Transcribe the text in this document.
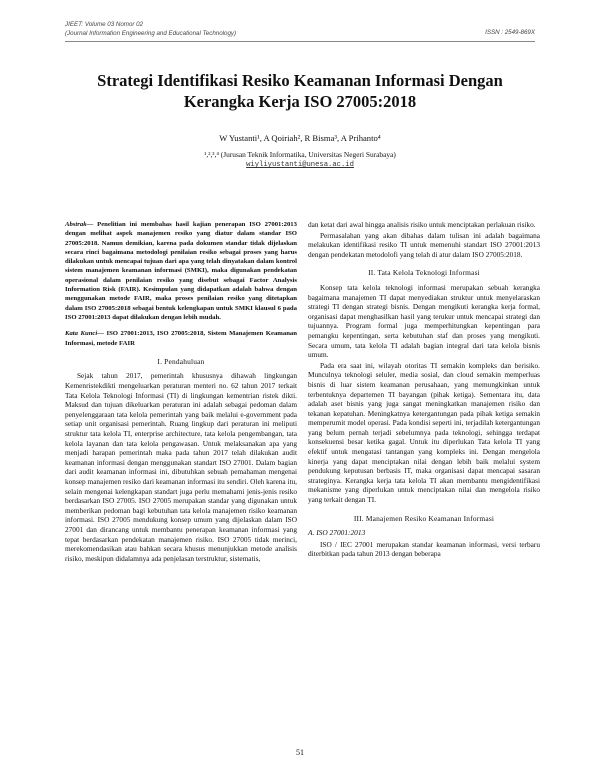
JIEET: Volume 03 Nomor 02
(Journal Information Engineering and Educational Technology)	ISSN : 2549-869X
Strategi Identifikasi Resiko Keamanan Informasi Dengan
Kerangka Kerja ISO 27005:2018
W Yustanti¹, A Qoiriah², R Bisma³, A Prihanto⁴
¹,²,³,⁴ (Jurusan Teknik Informatika, Universitas Negeri Surabaya)
wiyliyustanti@unesa.ac.id

Abstrak— Penelitian ini membahas hasil kajian penerapan ISO 27001:2013 dengan melihat aspek manajemen resiko yang diatur dalam standar ISO 27005:2018. Namun demikian, karena pada dokumen standar tidak dijelaskan secara rinci bagaimana metodologi penilaian resiko sebagai proses yang harus dilakukan untuk mencapai tujuan dari apa yang telah dinyatakan dalam kontrol sistem manajemen keamanan informasi (SMKI), maka digunakan pendekatan operasional dalam penilaian resiko yang disebut sebagai Factor Analysis Information Risk (FAIR). Kesimpulan yang didapatkan adalah bahwa dengan menggunakan metode FAIR, maka proses penilaian resiko yang ditetapkan dalam ISO 27005:2018 sebagai bentuk kelengkapan untuk SMKI klausul 6 pada ISO 27001:2013 dapat dilakukan dengan lebih mudah.

Kata Kunci— ISO 27001:2013, ISO 27005:2018, Sistem Manajemen Keamanan Informasi, metode FAIR

I. Pendahuluan

Sejak tahun 2017, pemerintah khususnya dihawah lingkungan Kemenristekdikti mengeluarkan peraturan menteri no. 62 tahun 2017 terkait Tata Kelola Teknologi Informasi (TI) di lingkungan kementrian ristek dikti. Maksud dan tujuan dikeluarkan peraturan ini adalah sebagai pedoman dalam penyelenggaraan tata kelola pemerintah yang baik melalui e-government pada setiap unit organisasi pemerintah. Ruang lingkup dari peraturan ini meliputi struktur tata kelola TI, enterprise architecture, tata kelola pengembangan, tata kelola layanan dan tata kelola pengawasan. Untuk melaksanakan apa yang menjadi harapan pemerintah maka pada tahun 2017 telah dilakukan audit keamanan informasi dengan menggunakan standart ISO 27001. Dalam bagian dari audit keamanan informasi ini, dibutuhkan sebuah pemahaman mengenai konsep manajemen resiko dari keamanan informasi itu sendiri. Oleh karena itu, selain mengenai kelengkapan standart juga perlu memahami jenis-jenis resiko berdasarkan ISO 27005. ISO 27005 merupakan standar yang digunakan untuk memberikan pedoman bagi kebutuhan tata kelola manajemen risiko keamanan informasi. ISO 27005 mendukung konsep umum yang dijelaskan dalam ISO 27001 dan dirancang untuk membantu penerapan keamanan informasi yang tepat berdasarkan pendekatan manajemen risiko. ISO 27005 tidak merinci, merekomendasikan atau bahkan secara khusus menunjukkan metode analisis risiko, meskipun didalamnya ada penjelasan terstruktur, sistematis,

dan ketat dari awal hingga analisis risiko untuk menciptakan perlakuan risiko.

Permasalahan yang akan dibahas dalam tulisan ini adalah bagaimana melakukan identifikasi resiko TI untuk memenuhi standart ISO 27001:2013 dengan pendekatan metodolofi yang telah di atur dalam ISO 27005:2018.

II. Tata Kelola Teknologi Informasi

Konsep tata kelola teknologi informasi merupakan sebuah kerangka bagaimana manajemen TI dapat menyediakan struktur untuk menyelaraskan strategi TI dengan strategi bisnis. Dengan mengikuti kerangka kerja formal, organisasi dapat menghasilkan hasil yang terukur untuk mencapai strategi dan tujuannya. Program formal juga memperhitungkan kepentingan para pemangku kepentingan, serta kebutuhan staf dan proses yang mengikuti. Secara umum, tata kelola TI adalah bagian integral dari tata kelola bisnis umum.

Pada era saat ini, wilayah otoritas TI semakin kompleks dan berisiko. Munculnya teknologi seluler, media sosial, dan cloud semakin memperluas bisnis di luar sistem keamanan perusahaan, yang memungkinkan untuk terbentuknya departemen TI bayangan (pihak ketiga). Sementara itu, data adalah aset bisnis yang juga sangat meningkatkan manajemen risiko dan tekanan kepatuhan. Meningkatnya ketergantungan pada pihak ketiga semakin memperumit model operasi. Pada kondisi seperti ini, terjadilah ketergantungan yang belum pernah terjadi sebelumnya pada teknologi, sehingga terdapat konsekuensi besar ketika gagal. Untuk itu diperlukan Tata kelola TI yang efektif untuk mengatasi tantangan yang kompleks ini. Dengan mengelola kinerja yang dapat menciptakan nilai dengan lebih baik melalui system pendukung keputusan berbasis IT, maka organisasi dapat mencapai sasaran strateginya. Kerangka kerja tata kelola TI akan membantu mengidentifikasi mekanisme yang diperlukan untuk menciptakan nilai dan mengelola risiko yang terkait dengan TI.

III. Manajemen Resiko Keamanan Informasi

A. ISO 27001:2013

ISO / IEC 27001 merupakan standar keamanan informasi, versi terbaru diterbitkan pada tahun 2013 dengan beberapa

51
